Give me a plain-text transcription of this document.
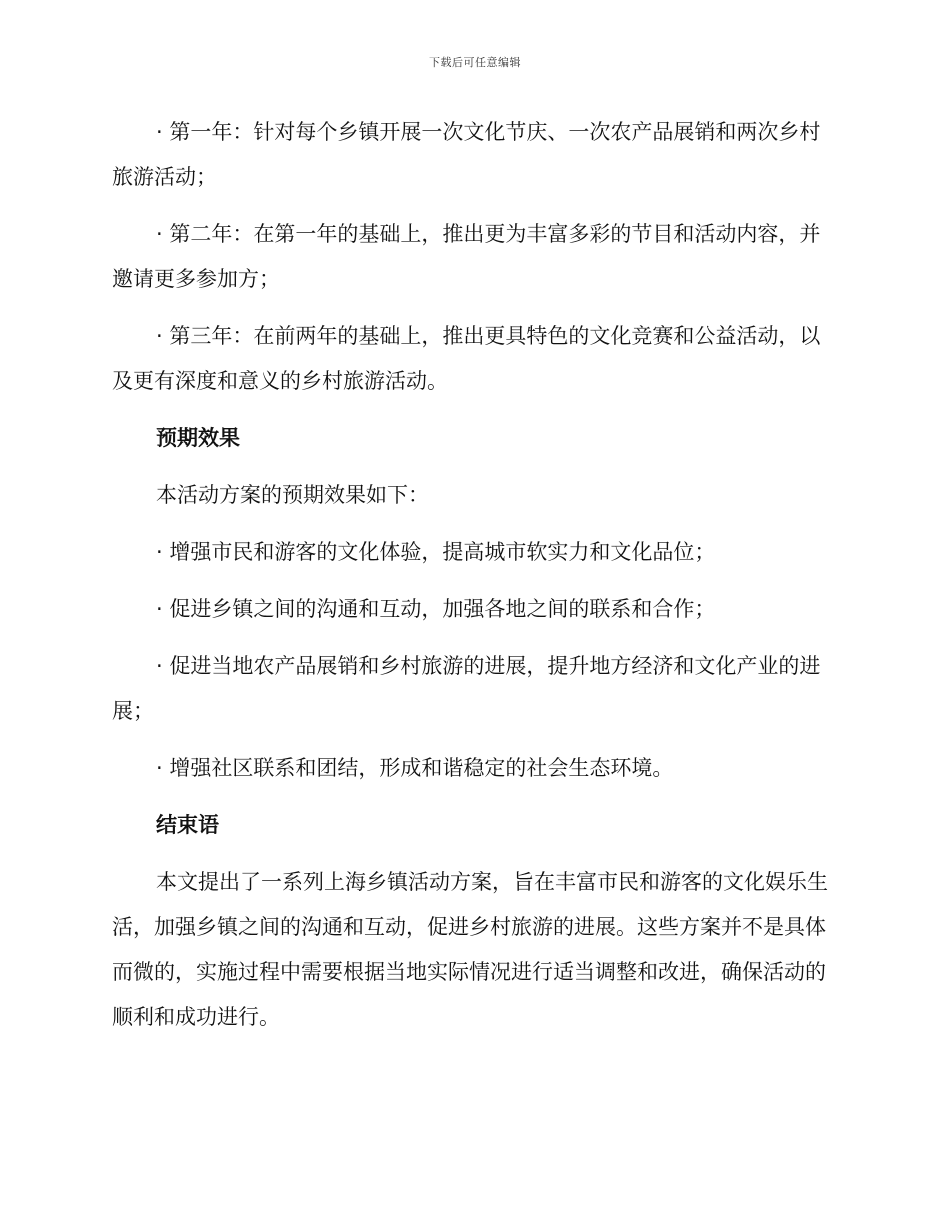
下载后可任意编辑

· 第一年：针对每个乡镇开展一次文化节庆、一次农产品展销和两次乡村旅游活动；

· 第二年：在第一年的基础上，推出更为丰富多彩的节目和活动内容，并邀请更多参加方；

· 第三年：在前两年的基础上，推出更具特色的文化竞赛和公益活动，以及更有深度和意义的乡村旅游活动。

预期效果

本活动方案的预期效果如下：

· 增强市民和游客的文化体验，提高城市软实力和文化品位；

· 促进乡镇之间的沟通和互动，加强各地之间的联系和合作；

· 促进当地农产品展销和乡村旅游的进展，提升地方经济和文化产业的进展；

· 增强社区联系和团结，形成和谐稳定的社会生态环境。

结束语

本文提出了一系列上海乡镇活动方案，旨在丰富市民和游客的文化娱乐生活，加强乡镇之间的沟通和互动，促进乡村旅游的进展。这些方案并不是具体而微的，实施过程中需要根据当地实际情况进行适当调整和改进，确保活动的顺利和成功进行。
